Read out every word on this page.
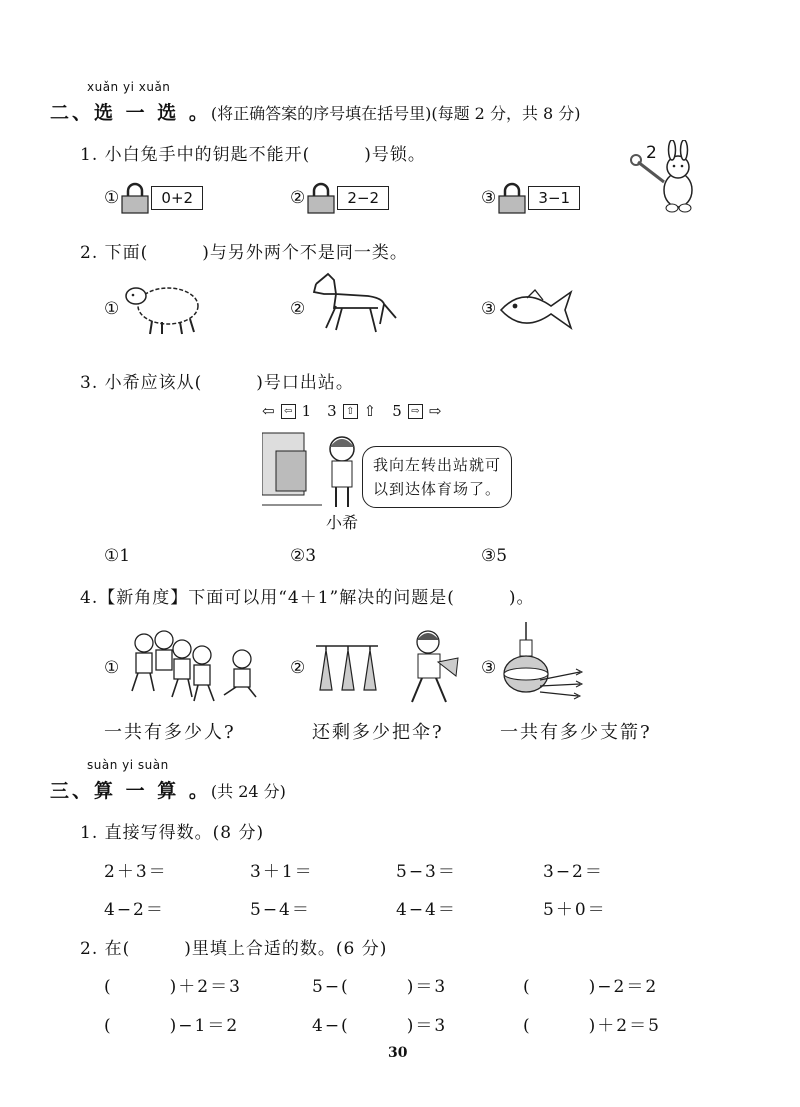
xuǎn yi xuǎn
二、选 一 选 。(将正确答案的序号填在括号里)(每题 2 分，共 8 分)
1. 小白兔手中的钥匙不能开(　　　)号锁。	2
①	0+2	②	2−2	③	3−1
2. 下面(　　　)与另外两个不是同一类。
①	②	③
3. 小希应该从(　　　)号口出站。
⇦ ⇦ 1 3 ⇧ ⇧ 5 ⇨ ⇨
我向左转出站就可
以到达体育场了。
小希
①1	②3	③5
4.【新角度】下面可以用“4＋1”解决的问题是(　　　)。
①	②	③
一共有多少人?	还剩多少把伞?	一共有多少支箭?
suàn yi suàn
三、算 一 算 。(共 24 分)
1. 直接写得数。(8 分)
2＋3＝	3＋1＝	5−3＝	3−2＝
4−2＝	5−4＝	4−4＝	5＋0＝
2. 在(　　　)里填上合适的数。(6 分)
(　　　)＋2＝3	5−(　　　)＝3	(　　　)−2＝2
(　　　)−1＝2	4−(　　　)＝3	(　　　)＋2＝5
30
